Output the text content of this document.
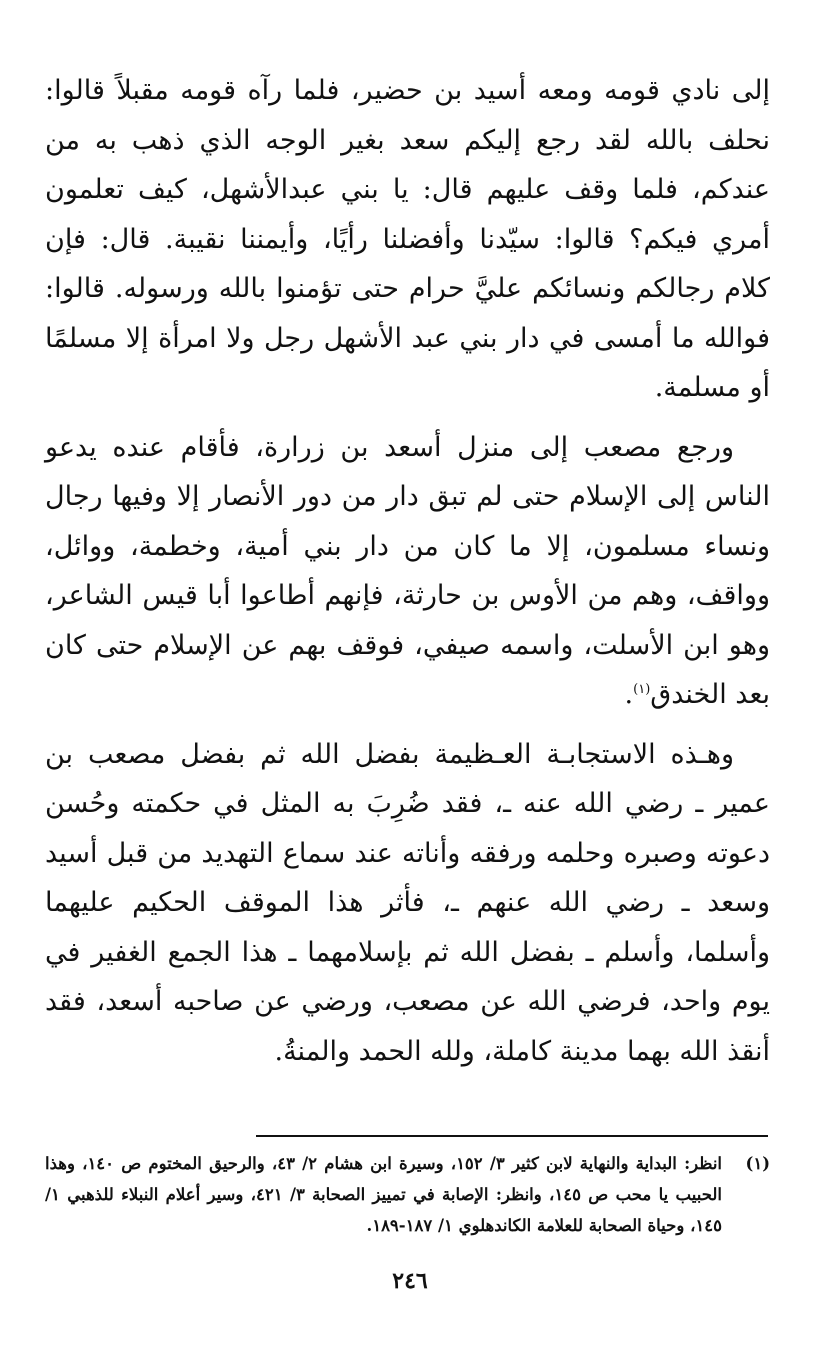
إلى نادي قومه ومعه أسيد بن حضير، فلما رآه قومه مقبلاً قالوا: نحلف بالله لقد رجع إليكم سعد بغير الوجه الذي ذهب به من عندكم، فلما وقف عليهم قال: يا بني عبدالأشهل، كيف تعلمون أمري فيكم؟ قالوا: سيّدنا وأفضلنا رأيًا، وأيمننا نقيبة. قال: فإن كلام رجالكم ونسائكم عليَّ حرام حتى تؤمنوا بالله ورسوله. قالوا: فوالله ما أمسى في دار بني عبد الأشهل رجل ولا امرأة إلا مسلمًا أو مسلمة.

ورجع مصعب إلى منزل أسعد بن زرارة، فأقام عنده يدعو الناس إلى الإسلام حتى لم تبق دار من دور الأنصار إلا وفيها رجال ونساء مسلمون، إلا ما كان من دار بني أمية، وخطمة، ووائل، وواقف، وهم من الأوس بن حارثة، فإنهم أطاعوا أبا قيس الشاعر، وهو ابن الأسلت، واسمه صيفي، فوقف بهم عن الإسلام حتى كان بعد الخندق$^{(١)}$.

وهـذه الاستجابـة العـظيمة بفضل الله ثم بفضل مصعب بن عمير ـ رضي الله عنه ـ، فقد ضُرِبَ به المثل في حكمته وحُسن دعوته وصبره وحلمه ورفقه وأناته عند سماع التهديد من قبل أسيد وسعد ـ رضي الله عنهم ـ، فأثر هذا الموقف الحكيم عليهما وأسلما، وأسلم ـ بفضل الله ثم بإسلامهما ـ هذا الجمع الغفير في يوم واحد، فرضي الله عن مصعب، ورضي عن صاحبه أسعد، فقد أنقذ الله بهما مدينة كاملة، ولله الحمد والمنةُ.

(١)
انظر: البداية والنهاية لابن كثير ٣/ ١٥٢، وسيرة ابن هشام ٢/ ٤٣، والرحيق المختوم ص ١٤٠، وهذا الحبيب يا محب ص ١٤٥، وانظر: الإصابة في تمييز الصحابة ٣/ ٤٢١، وسير أعلام النبلاء للذهبي ١/ ١٤٥، وحياة الصحابة للعلامة الكاندهلوي ١/ ١٨٧-١٨٩.
٢٤٦
